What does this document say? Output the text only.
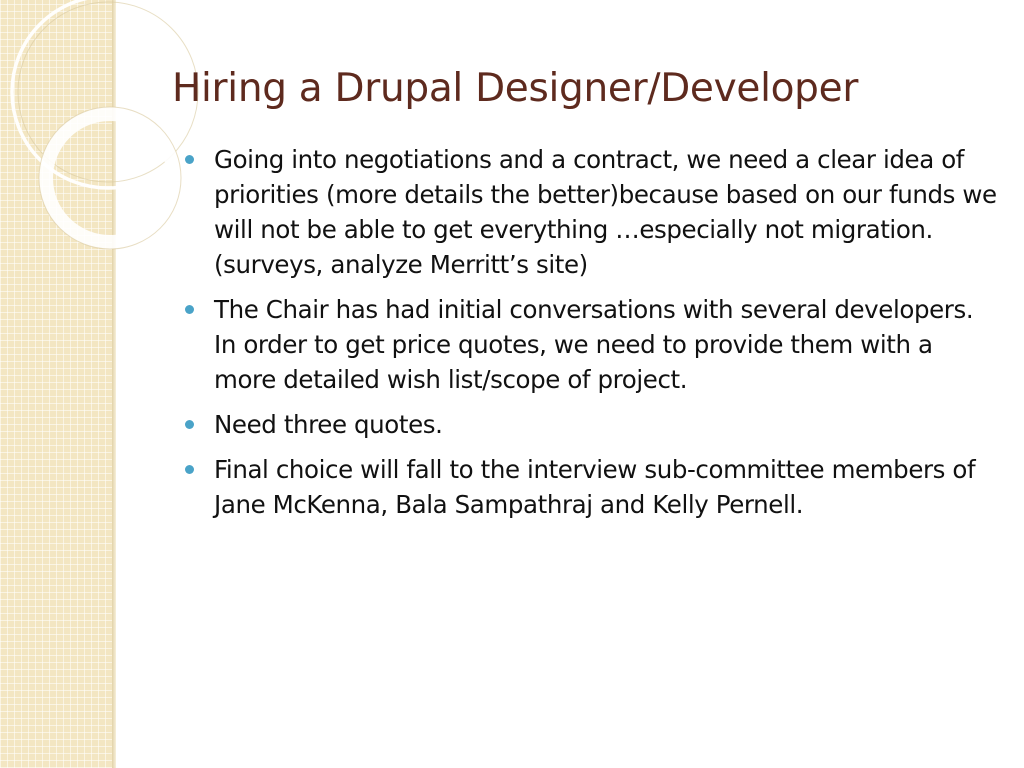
Hiring a Drupal Designer/Developer
Going into negotiations and a contract, we need a clear idea of priorities (more details the better)because based on our funds we will not be able to get everything …especially not migration. (surveys, analyze Merritt’s site)
The Chair has had initial conversations with several developers. In order to get price quotes, we need to provide them with a more detailed wish list/scope of project.
Need three quotes.
Final choice will fall to the interview sub-committee members of Jane McKenna, Bala Sampathraj and Kelly Pernell.
